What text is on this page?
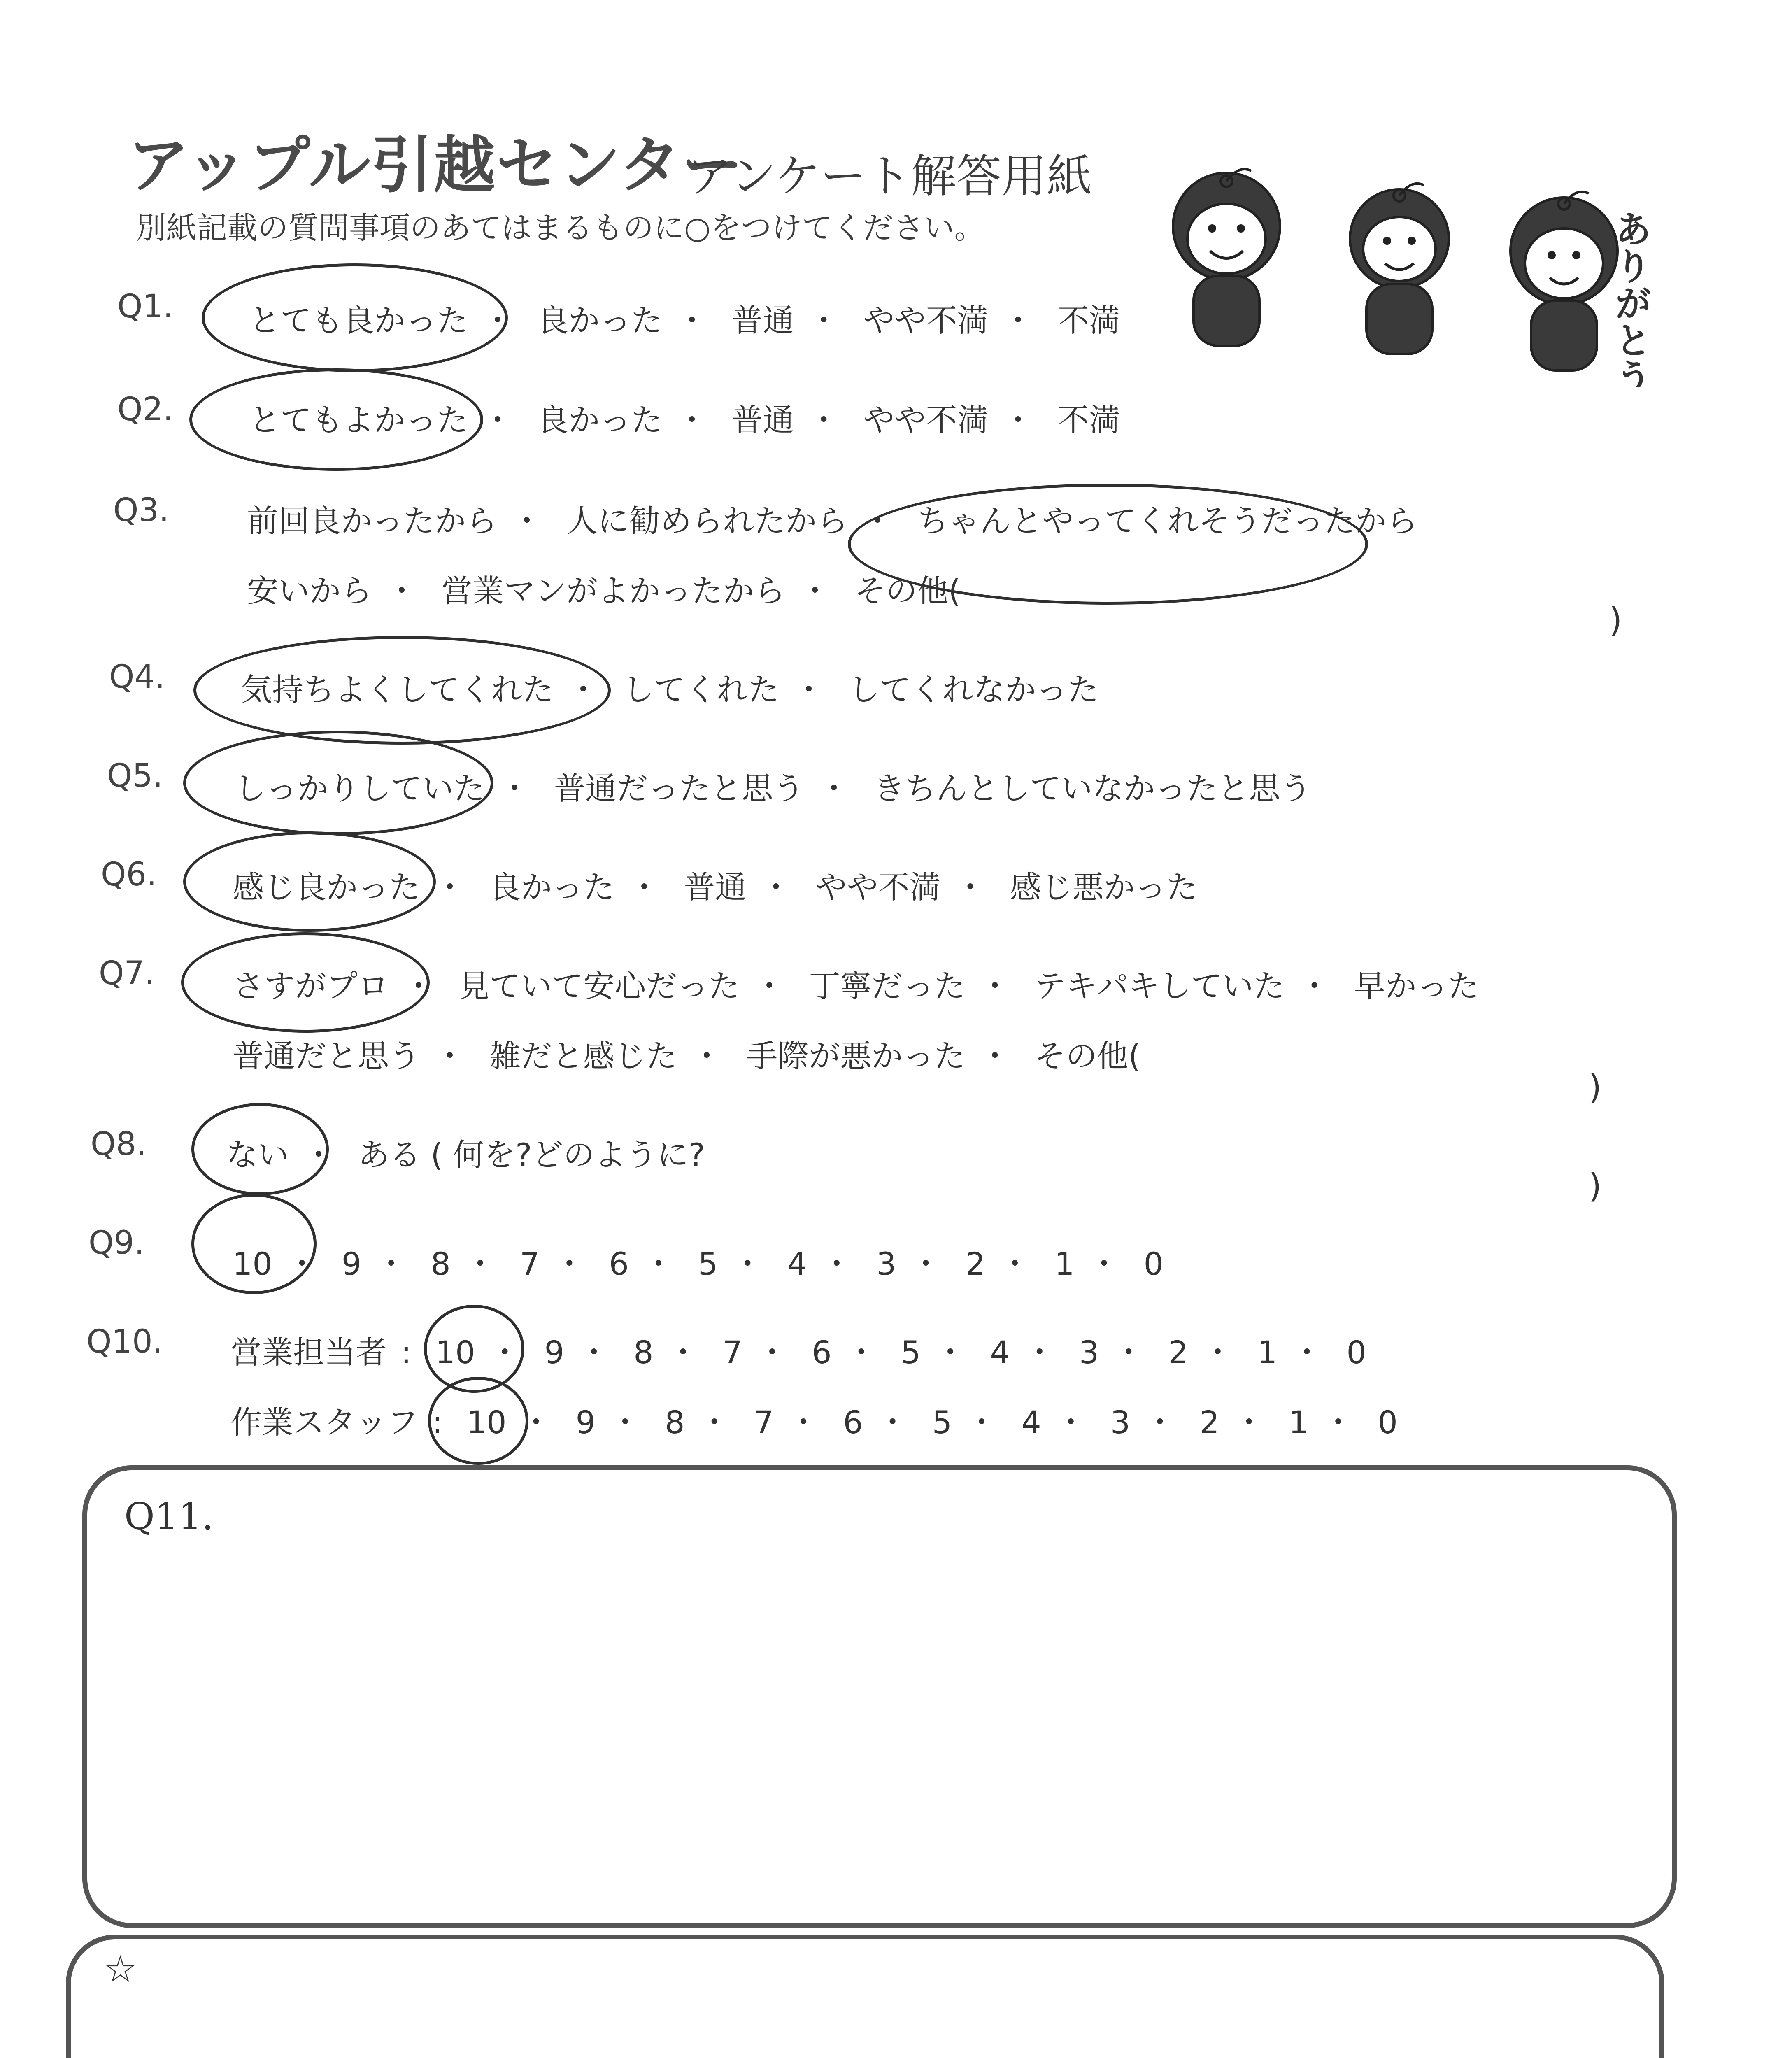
アップル引越センター
アンケート解答用紙
別紙記載の質問事項のあてはまるものに○をつけてください。	ありがとう
Q1. とても良かった ・ 良かった ・ 普通 ・ やや不満 ・ 不満
Q2. とてもよかった ・ 良かった ・ 普通 ・ やや不満 ・ 不満
Q3. 前回良かったから ・ 人に勧められたから ・ ちゃんとやってくれそうだったから
安いから ・ 営業マンがよかったから ・ その他(
)
Q4. 気持ちよくしてくれた ・ してくれた ・ してくれなかった
Q5. しっかりしていた ・ 普通だったと思う ・ きちんとしていなかったと思う
Q6. 感じ良かった ・ 良かった ・ 普通 ・ やや不満 ・ 感じ悪かった
Q7. さすがプロ ・ 見ていて安心だった ・ 丁寧だった ・ テキパキしていた ・ 早かった
普通だと思う ・ 雑だと感じた ・ 手際が悪かった ・ その他(
)
Q8.	ない ・ ある ( 何を?どのように?
)
Q9.
10 ・ 9 ・ 8 ・ 7 ・ 6 ・ 5 ・ 4 ・ 3 ・ 2 ・ 1 ・ 0
Q10. 営業担当者 : 10 ・ 9 ・ 8 ・ 7 ・ 6 ・ 5 ・ 4 ・ 3 ・ 2 ・ 1 ・ 0
作業スタッフ : 10 ・ 9 ・ 8 ・ 7 ・ 6 ・ 5 ・ 4 ・ 3 ・ 2 ・ 1 ・ 0
Q11.
☆
